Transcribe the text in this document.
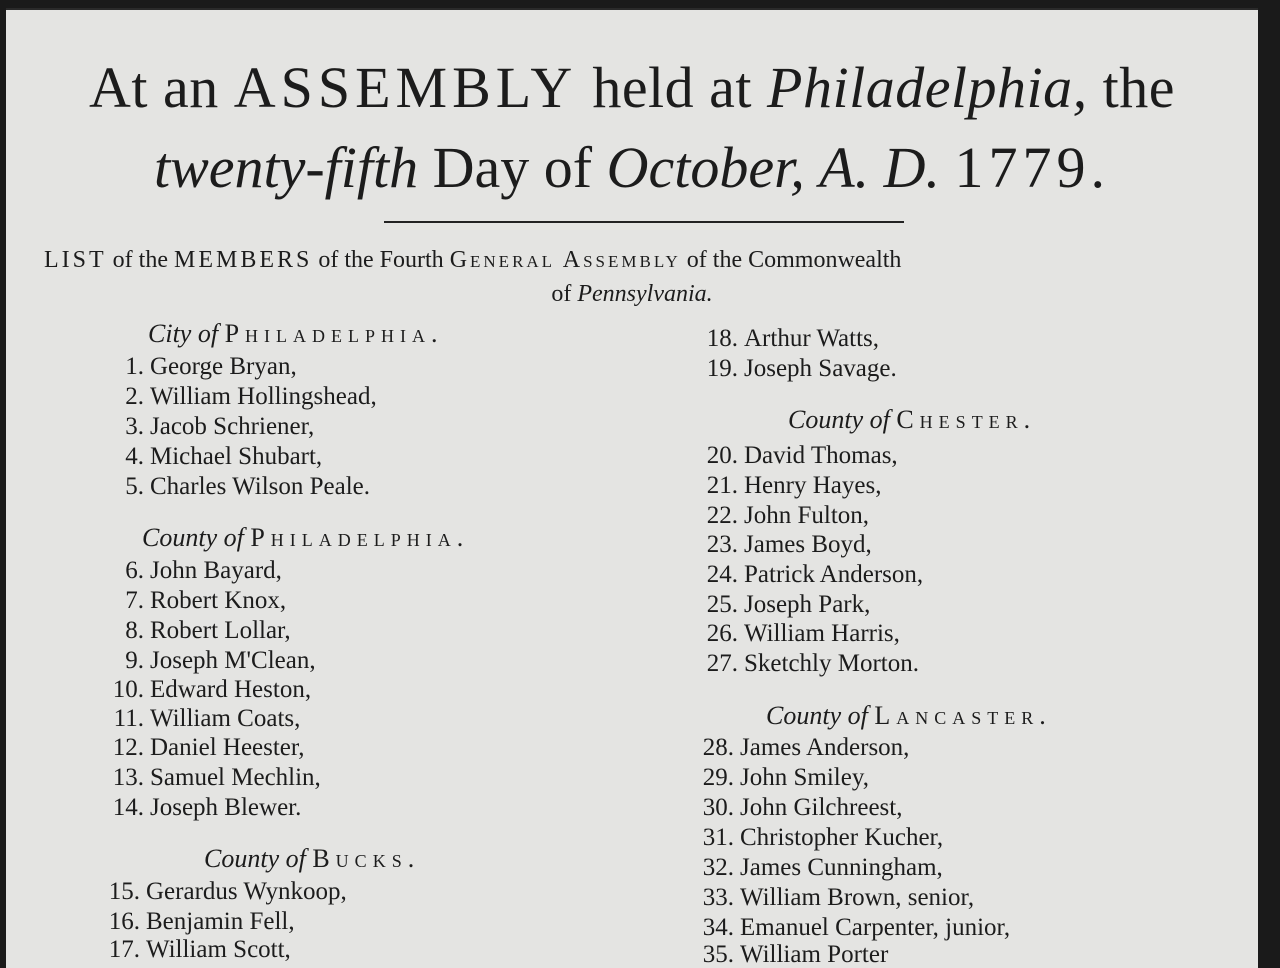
At an ASSEMBLY held at Philadelphia, the
twenty-fifth Day of October, A. D. 1779.
LIST of the MEMBERS of the Fourth General Assembly of the Commonwealth
of Pennsylvania.
City of Philadelphia.
1. George Bryan,
2. William Hollingshead,
3. Jacob Schriener,
4. Michael Shubart,
5. Charles Wilson Peale.
County of Philadelphia.
6. John Bayard,
7. Robert Knox,
8. Robert Lollar,
9. Joseph M'Clean,
10. Edward Heston,
11. William Coats,
12. Daniel Heester,
13. Samuel Mechlin,
14. Joseph Blewer.
County of Bucks.
15. Gerardus Wynkoop,
16. Benjamin Fell,
17. William Scott,
18. Arthur Watts,
19. Joseph Savage.
County of Chester.
20. David Thomas,
21. Henry Hayes,
22. John Fulton,
23. James Boyd,
24. Patrick Anderson,
25. Joseph Park,
26. William Harris,
27. Sketchly Morton.
County of Lancaster.
28. James Anderson,
29. John Smiley,
30. John Gilchreest,
31. Christopher Kucher,
32. James Cunningham,
33. William Brown, senior,
34. Emanuel Carpenter, junior,
35. William Porter
